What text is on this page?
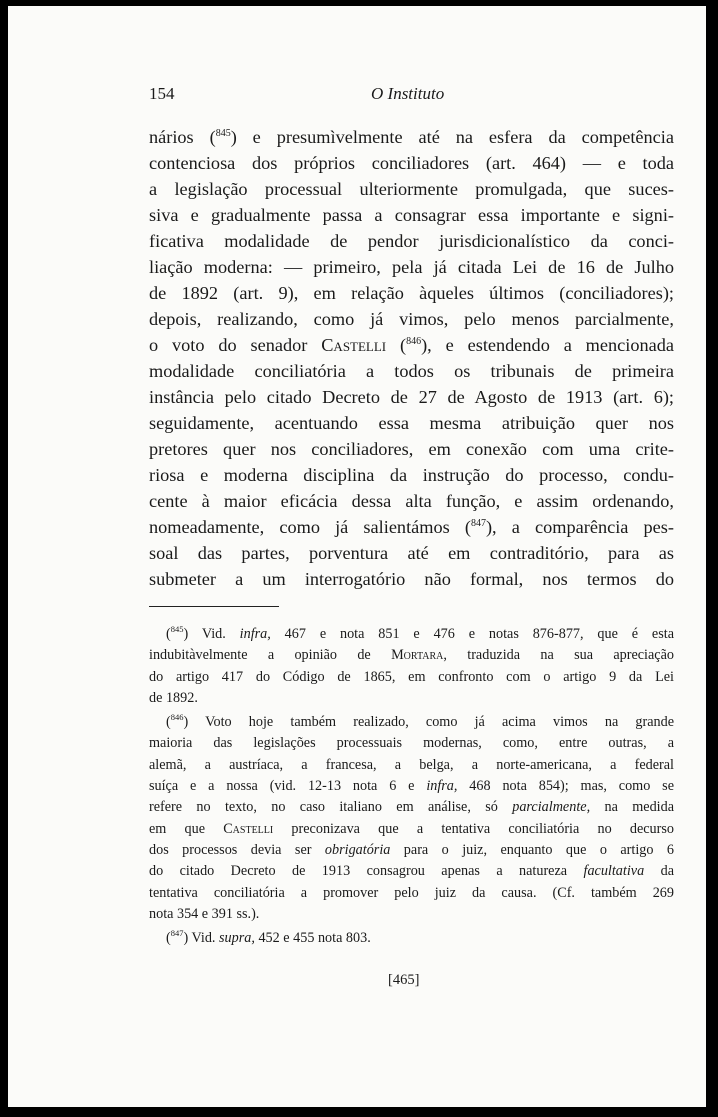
154	O Instituto
nários ($^{845}$) e presumìvelmente até na esfera da competência
contenciosa dos próprios conciliadores (art. 464) — e toda
a legislação processual ulteriormente promulgada, que suces-
siva e gradualmente passa a consagrar essa importante e signi-
ficativa modalidade de pendor jurisdicionalístico da conci-
liação moderna: — primeiro, pela já citada Lei de 16 de Julho
de 1892 (art. 9), em relação àqueles últimos (conciliadores);
depois, realizando, como já vimos, pelo menos parcialmente,
o voto do senador Castelli ($^{846}$), e estendendo a mencionada
modalidade conciliatória a todos os tribunais de primeira
instância pelo citado Decreto de 27 de Agosto de 1913 (art. 6);
seguidamente, acentuando essa mesma atribuição quer nos
pretores quer nos conciliadores, em conexão com uma crite-
riosa e moderna disciplina da instrução do processo, condu-
cente à maior eficácia dessa alta função, e assim ordenando,
nomeadamente, como já salientámos ($^{847}$), a comparência pes-
soal das partes, porventura até em contraditório, para as
submeter a um interrogatório não formal, nos termos do
($^{845}$) Vid. infra, 467 e nota 851 e 476 e notas 876-877, que é esta
indubitàvelmente a opinião de Mortara, traduzida na sua apreciação
do artigo 417 do Código de 1865, em confronto com o artigo 9 da Lei
de 1892.
($^{846}$) Voto hoje também realizado, como já acima vimos na grande
maioria das legislações processuais modernas, como, entre outras, a
alemã, a austríaca, a francesa, a belga, a norte-americana, a federal
suíça e a nossa (vid. 12-13 nota 6 e infra, 468 nota 854); mas, como se
refere no texto, no caso italiano em análise, só parcialmente, na medida
em que Castelli preconizava que a tentativa conciliatória no decurso
dos processos devia ser obrigatória para o juiz, enquanto que o artigo 6
do citado Decreto de 1913 consagrou apenas a natureza facultativa da
tentativa conciliatória a promover pelo juiz da causa. (Cf. também 269
nota 354 e 391 ss.).
($^{847}$) Vid. supra, 452 e 455 nota 803.
[465]
